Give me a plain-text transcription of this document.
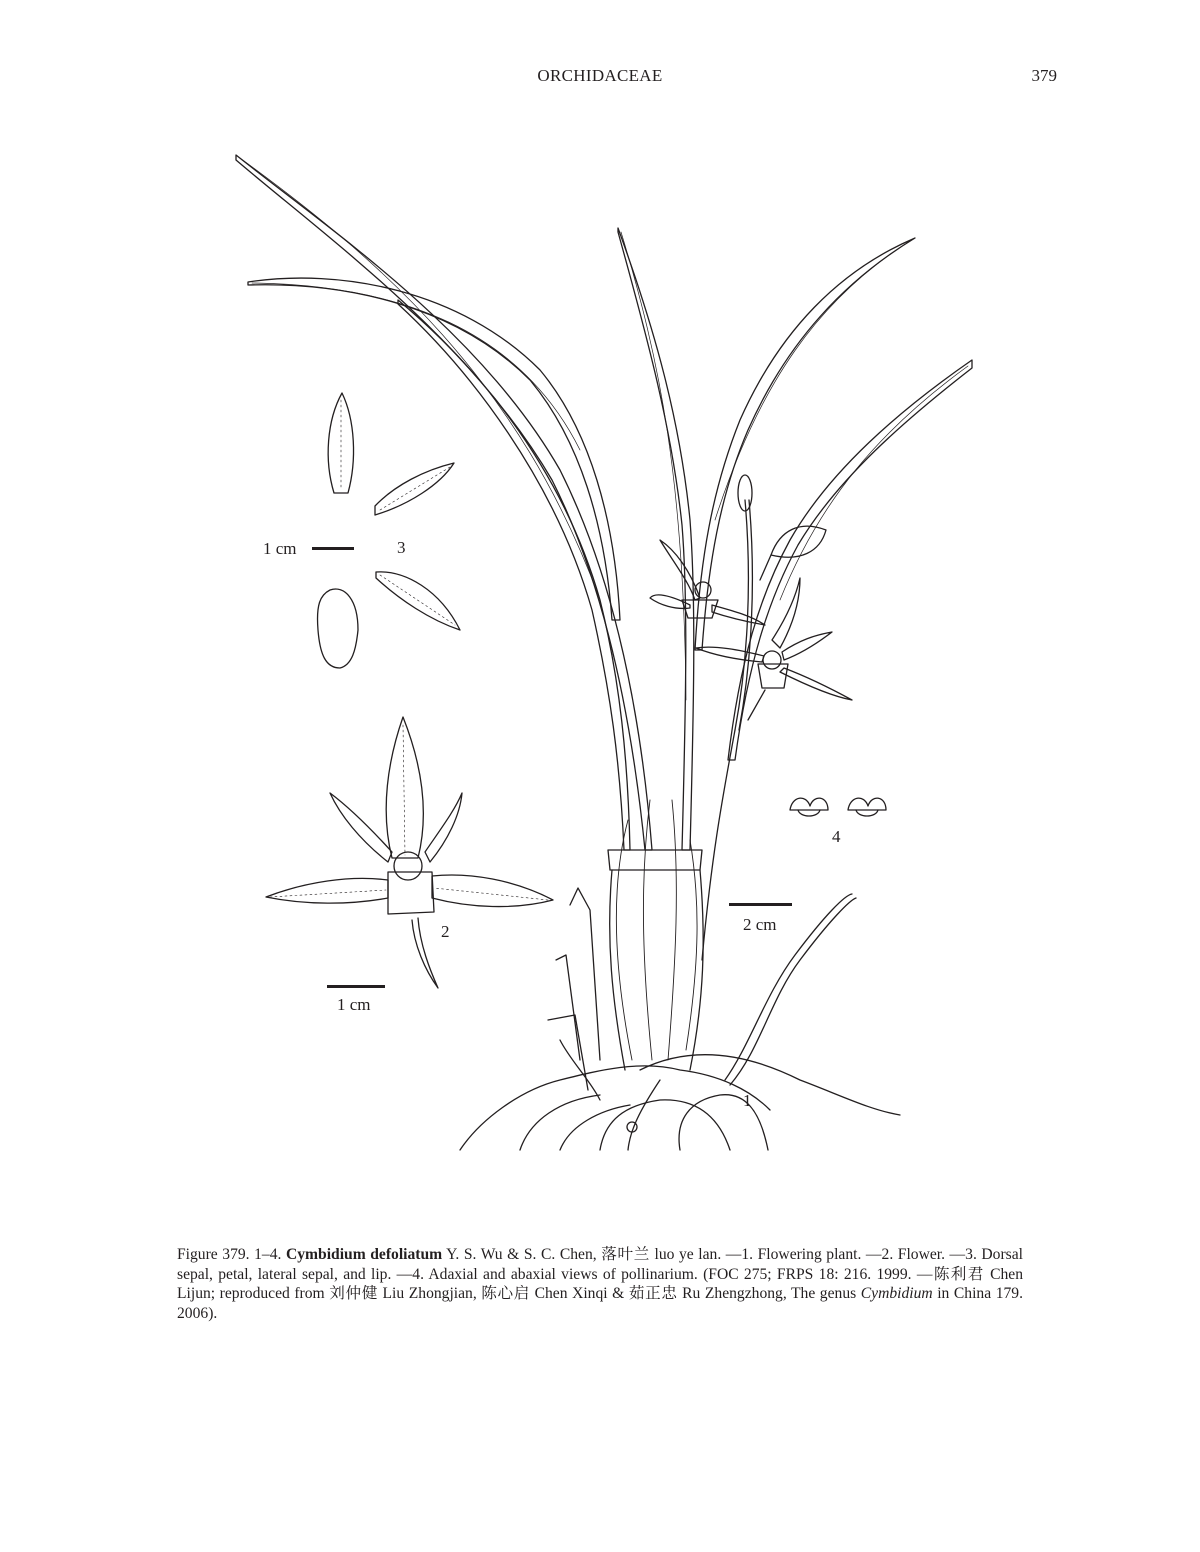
ORCHIDACEAE	379
1 cm	3
2
1 cm
2 cm
4
1
Figure 379. 1–4. Cymbidium defoliatum Y. S. Wu & S. C. Chen, 落叶兰 luo ye lan. —1. Flowering plant. —2. Flower. —3. Dorsal sepal, petal, lateral sepal, and lip. —4. Adaxial and abaxial views of pollinarium. (FOC 275; FRPS 18: 216. 1999. —陈利君 Chen Lijun; reproduced from 刘仲健 Liu Zhongjian, 陈心启 Chen Xinqi & 茹正忠 Ru Zhengzhong, The genus Cymbidium in China 179. 2006).
